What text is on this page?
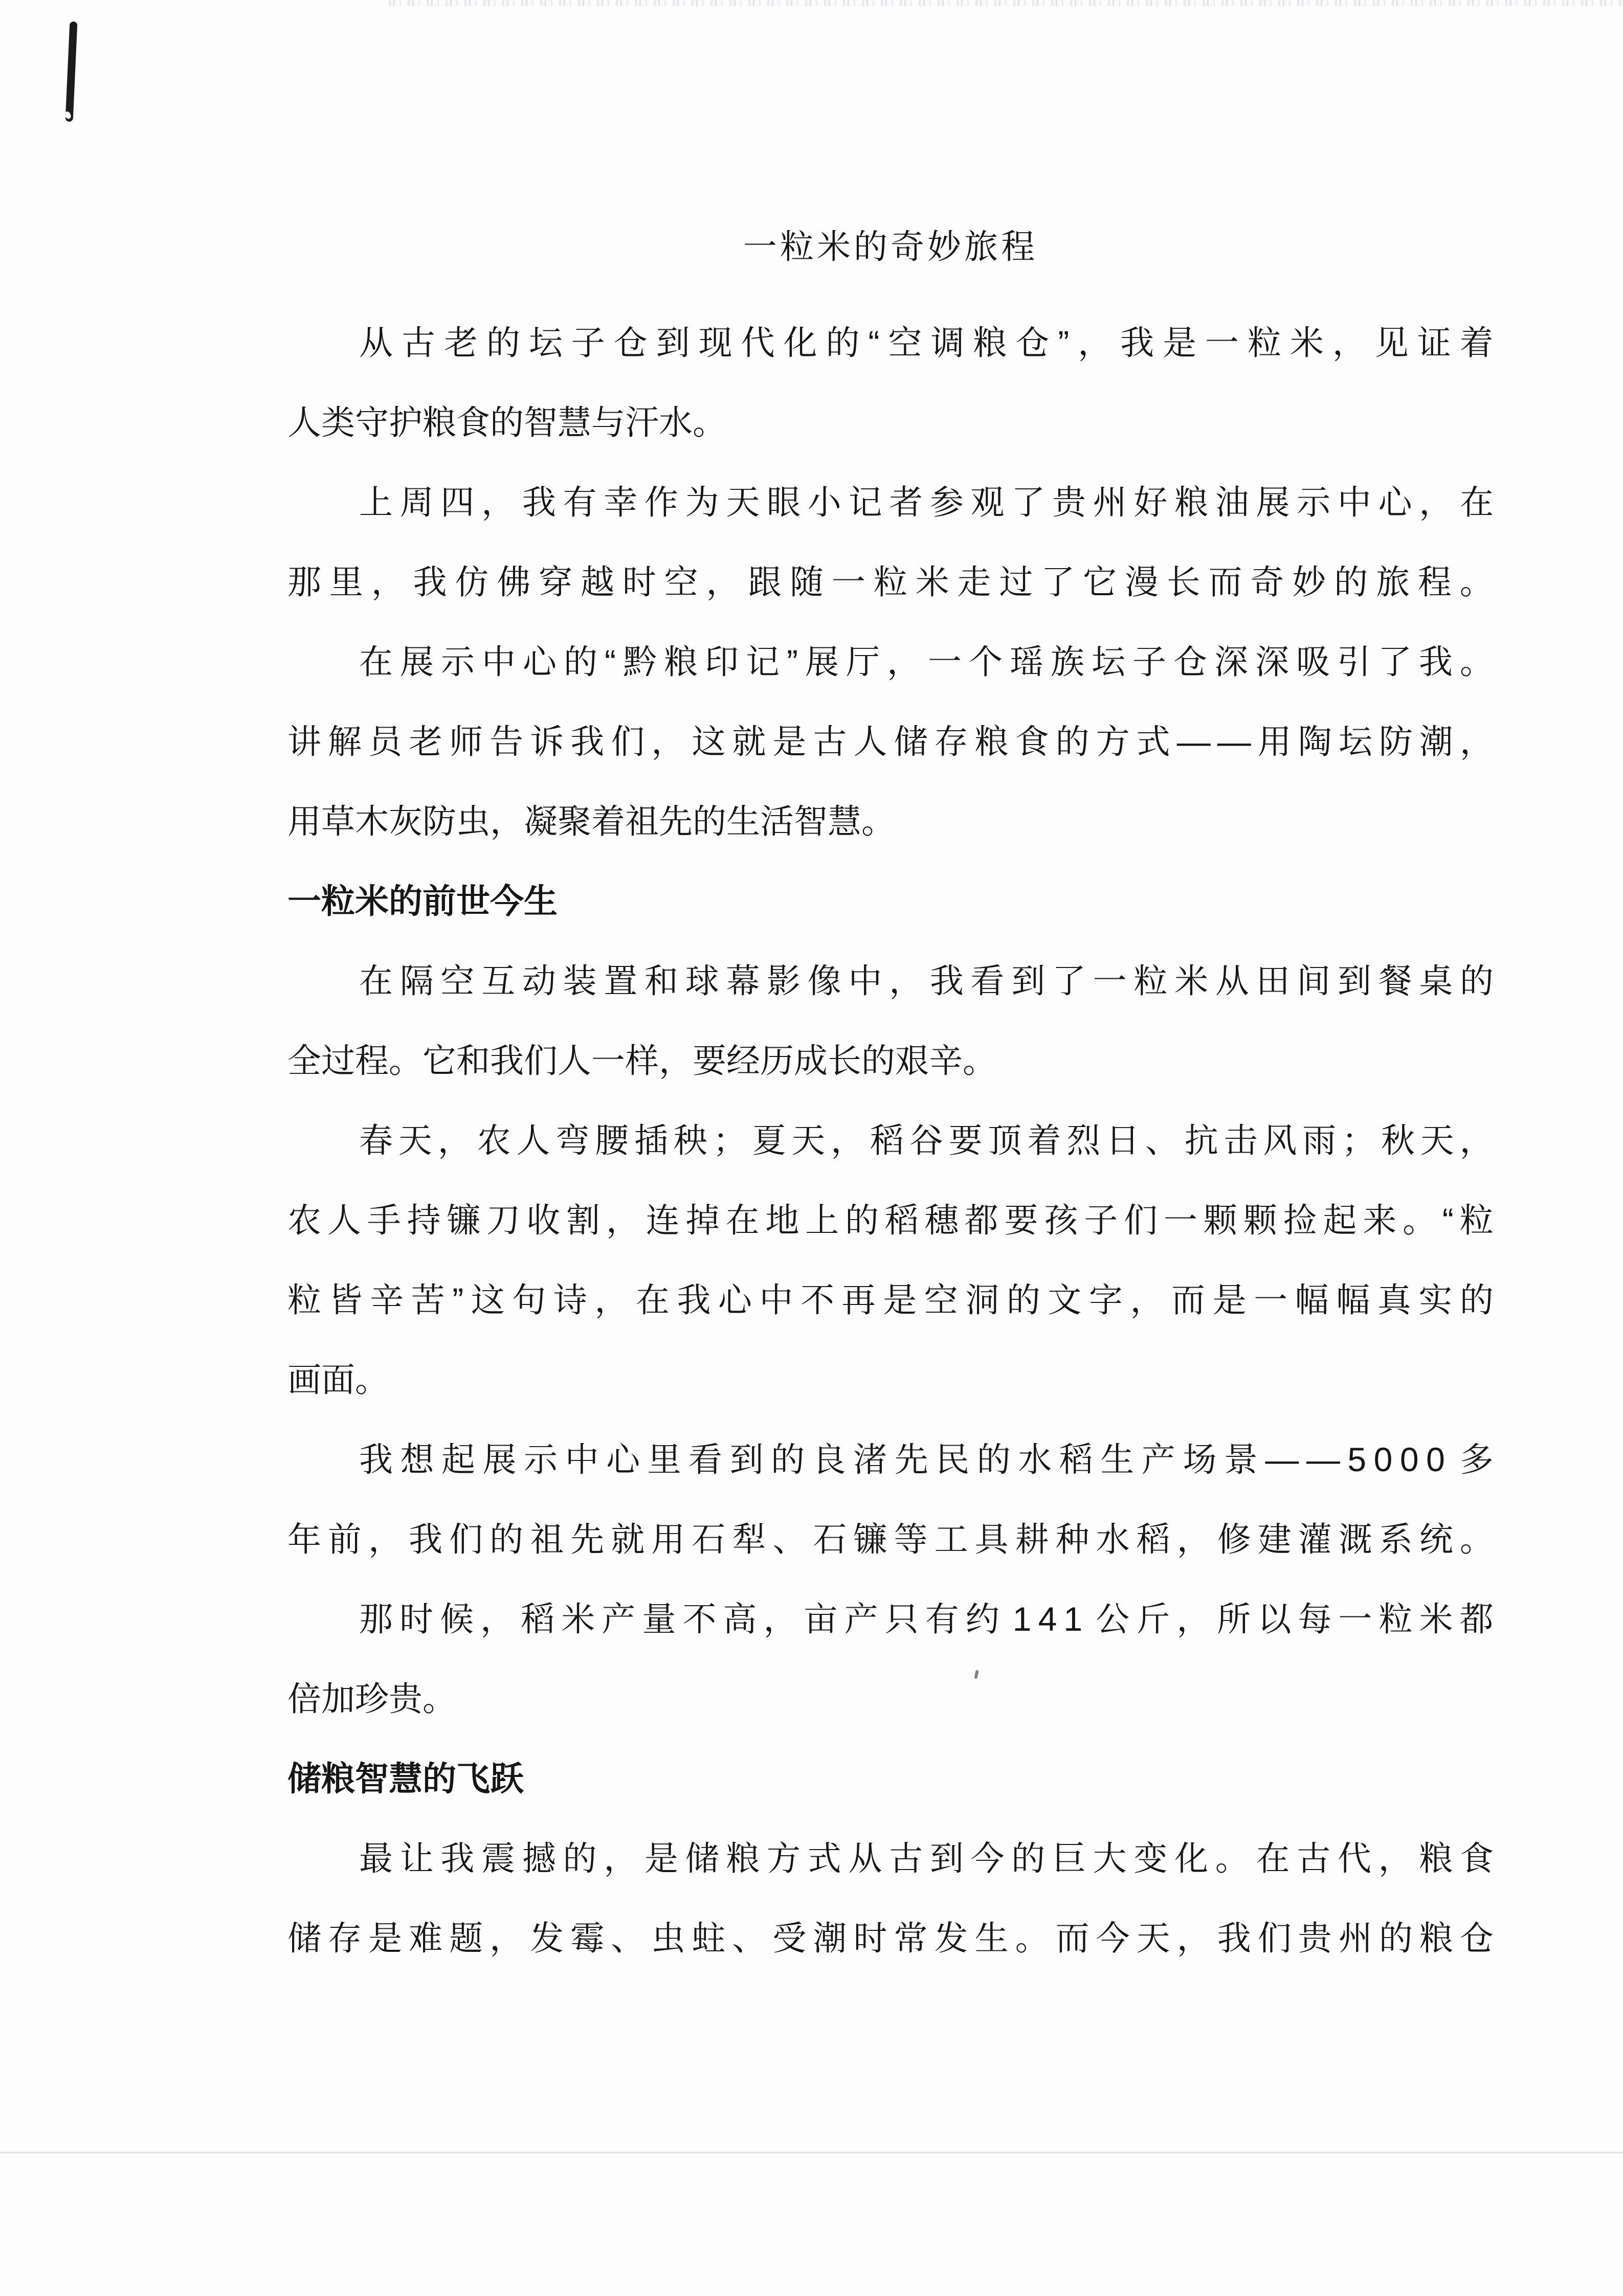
一粒米的奇妙旅程
从 古 老 的 坛 子 仓 到 现 代 化 的 “ 空 调 粮 仓 ” ， 我 是 一 粒 米 ， 见 证 着
人类守护粮食的智慧与汗水。
上 周 四 ， 我 有 幸 作 为 天 眼 小 记 者 参 观 了 贵 州 好 粮 油 展 示 中 心 ， 在
那 里 ， 我 仿 佛 穿 越 时 空 ， 跟 随 一 粒 米 走 过 了 它 漫 长 而 奇 妙 的 旅 程 。
在 展 示 中 心 的 “ 黔 粮 印 记 ” 展 厅 ， 一 个 瑶 族 坛 子 仓 深 深 吸 引 了 我 。
讲 解 员 老 师 告 诉 我 们 ， 这 就 是 古 人 储 存 粮 食 的 方 式 — — 用 陶 坛 防 潮 ，
用草木灰防虫，凝聚着祖先的生活智慧。
一粒米的前世今生
在 隔 空 互 动 装 置 和 球 幕 影 像 中 ， 我 看 到 了 一 粒 米 从 田 间 到 餐 桌 的
全过程。它和我们人一样，要经历成长的艰辛。
春 天 ， 农 人 弯 腰 插 秧 ； 夏 天 ， 稻 谷 要 顶 着 烈 日 、 抗 击 风 雨 ； 秋 天 ，
农 人 手 持 镰 刀 收 割 ， 连 掉 在 地 上 的 稻 穗 都 要 孩 子 们 一 颗 颗 捡 起 来 。 “ 粒
粒 皆 辛 苦 ” 这 句 诗 ， 在 我 心 中 不 再 是 空 洞 的 文 字 ， 而 是 一 幅 幅 真 实 的
画面。
我 想 起 展 示 中 心 里 看 到 的 良 渚 先 民 的 水 稻 生 产 场 景 — — 5 0 0 0 多
年 前 ， 我 们 的 祖 先 就 用 石 犁 、 石 镰 等 工 具 耕 种 水 稻 ， 修 建 灌 溉 系 统 。
那 时 候 ， 稻 米 产 量 不 高 ， 亩 产 只 有 约 1 4 1 公 斤 ， 所 以 每 一 粒 米 都
倍加珍贵。
储粮智慧的飞跃
最 让 我 震 撼 的 ， 是 储 粮 方 式 从 古 到 今 的 巨 大 变 化 。 在 古 代 ， 粮 食
储 存 是 难 题 ， 发 霉 、 虫 蛀 、 受 潮 时 常 发 生 。 而 今 天 ， 我 们 贵 州 的 粮 仓
